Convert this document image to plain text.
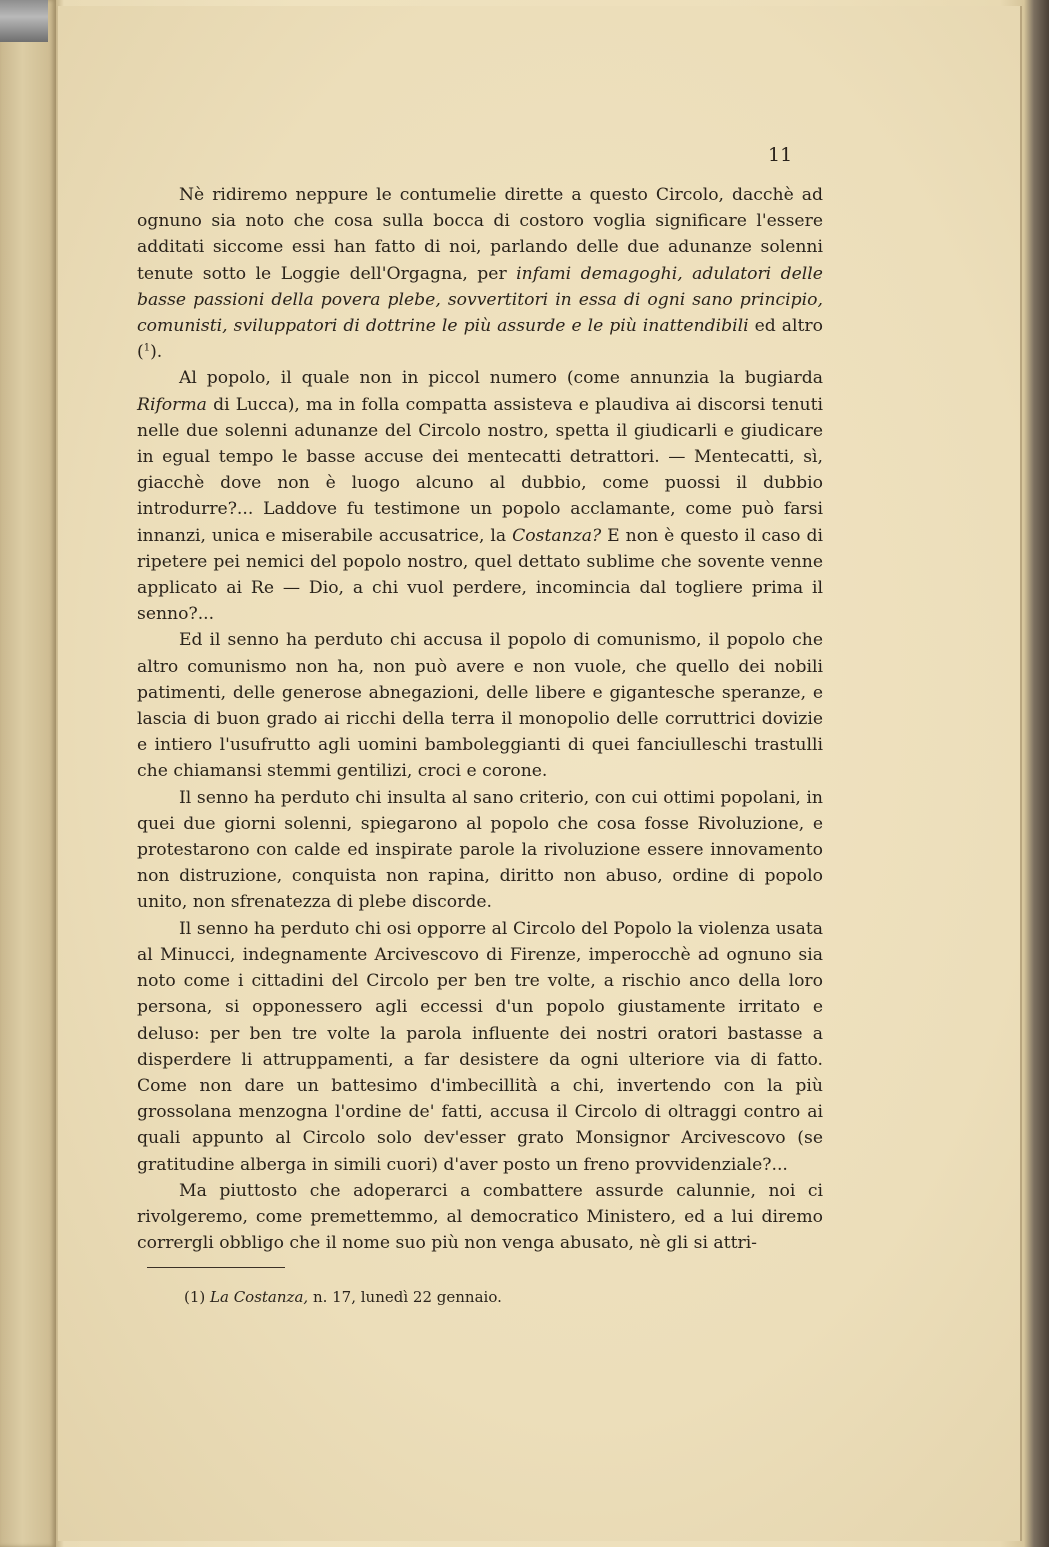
11

Nè ridiremo neppure le contumelie dirette a questo Circolo, dacchè ad ognuno sia noto che cosa sulla bocca di costoro voglia significare l'essere additati siccome essi han fatto di noi, parlando delle due adunanze solenni tenute sotto le Loggie dell'Orgagna, per infami demagoghi, adulatori delle basse passioni della povera plebe, sovvertitori in essa di ogni sano principio, comunisti, sviluppatori di dottrine le più assurde e le più inattendibili ed altro ($^1$).

Al popolo, il quale non in piccol numero (come annunzia la bugiarda Riforma di Lucca), ma in folla compatta assisteva e plaudiva ai discorsi tenuti nelle due solenni adunanze del Circolo nostro, spetta il giudicarli e giudicare in egual tempo le basse accuse dei mentecatti detrattori. — Mentecatti, sì, giacchè dove non è luogo alcuno al dubbio, come puossi il dubbio introdurre?... Laddove fu testimone un popolo acclamante, come può farsi innanzi, unica e miserabile accusatrice, la Costanza? E non è questo il caso di ripetere pei nemici del popolo nostro, quel dettato sublime che sovente venne applicato ai Re — Dio, a chi vuol perdere, incomincia dal togliere prima il senno?...

Ed il senno ha perduto chi accusa il popolo di comunismo, il popolo che altro comunismo non ha, non può avere e non vuole, che quello dei nobili patimenti, delle generose abnegazioni, delle libere e gigantesche speranze, e lascia di buon grado ai ricchi della terra il monopolio delle corruttrici dovizie e intiero l'usufrutto agli uomini bamboleggianti di quei fanciulleschi trastulli che chiamansi stemmi gentilizi, croci e corone.

Il senno ha perduto chi insulta al sano criterio, con cui ottimi popolani, in quei due giorni solenni, spiegarono al popolo che cosa fosse Rivoluzione, e protestarono con calde ed inspirate parole la rivoluzione essere innovamento non distruzione, conquista non rapina, diritto non abuso, ordine di popolo unito, non sfrenatezza di plebe discorde.

Il senno ha perduto chi osi opporre al Circolo del Popolo la violenza usata al Minucci, indegnamente Arcivescovo di Firenze, imperocchè ad ognuno sia noto come i cittadini del Circolo per ben tre volte, a rischio anco della loro persona, si opponessero agli eccessi d'un popolo giustamente irritato e deluso: per ben tre volte la parola influente dei nostri oratori bastasse a disperdere li attruppamenti, a far desistere da ogni ulteriore via di fatto. Come non dare un battesimo d'imbecillità a chi, invertendo con la più grossolana menzogna l'ordine de' fatti, accusa il Circolo di oltraggi contro ai quali appunto al Circolo solo dev'esser grato Monsignor Arcivescovo (se gratitudine alberga in simili cuori) d'aver posto un freno provvidenziale?...

Ma piuttosto che adoperarci a combattere assurde calunnie, noi ci rivolgeremo, come premettemmo, al democratico Ministero, ed a lui diremo corrergli obbligo che il nome suo più non venga abusato, nè gli si attri-

(1) La Costanza, n. 17, lunedì 22 gennaio.
